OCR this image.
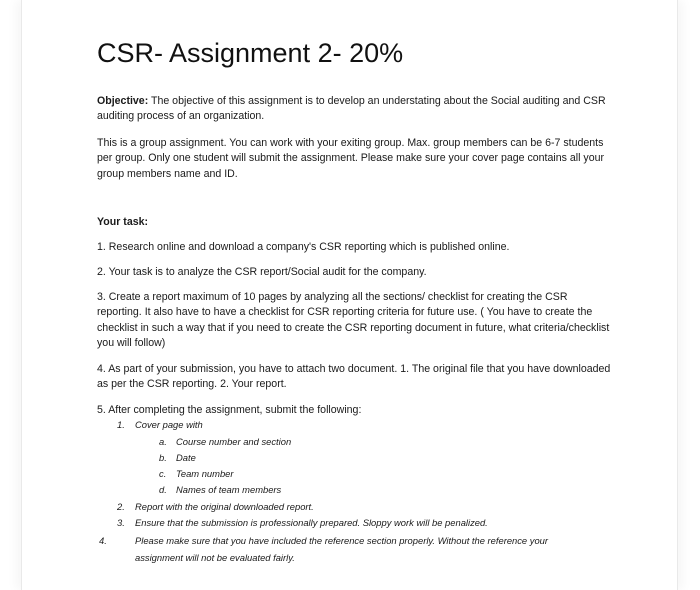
CSR- Assignment 2- 20%
Objective: The objective of this assignment is to develop an understating about the Social auditing and CSR auditing process of an organization.
This is a group assignment. You can work with your exiting group. Max. group members can be 6-7 students per group. Only one student will submit the assignment. Please make sure your cover page contains all your group members name and ID.
Your task:
1. Research online and download a company's CSR reporting which is published online.
2. Your task is to analyze the CSR report/Social audit for the company.
3. Create a report maximum of 10 pages by analyzing all the sections/ checklist for creating the CSR reporting. It also have to have a checklist for CSR reporting criteria for future use. ( You have to create the checklist in such a way that if you need to create the CSR reporting document in future, what criteria/checklist you will follow)
4. As part of your submission, you have to attach two document. 1. The original file that you have downloaded as per the CSR reporting. 2. Your report.
5. After completing the assignment, submit the following:
1. Cover page with
a. Course number and section
b. Date
c. Team number
d. Names of team members
2. Report with the original downloaded report.
3. Ensure that the submission is professionally prepared. Sloppy work will be penalized.
4.	Please make sure that you have included the reference section properly. Without the reference your assignment will not be evaluated fairly.
